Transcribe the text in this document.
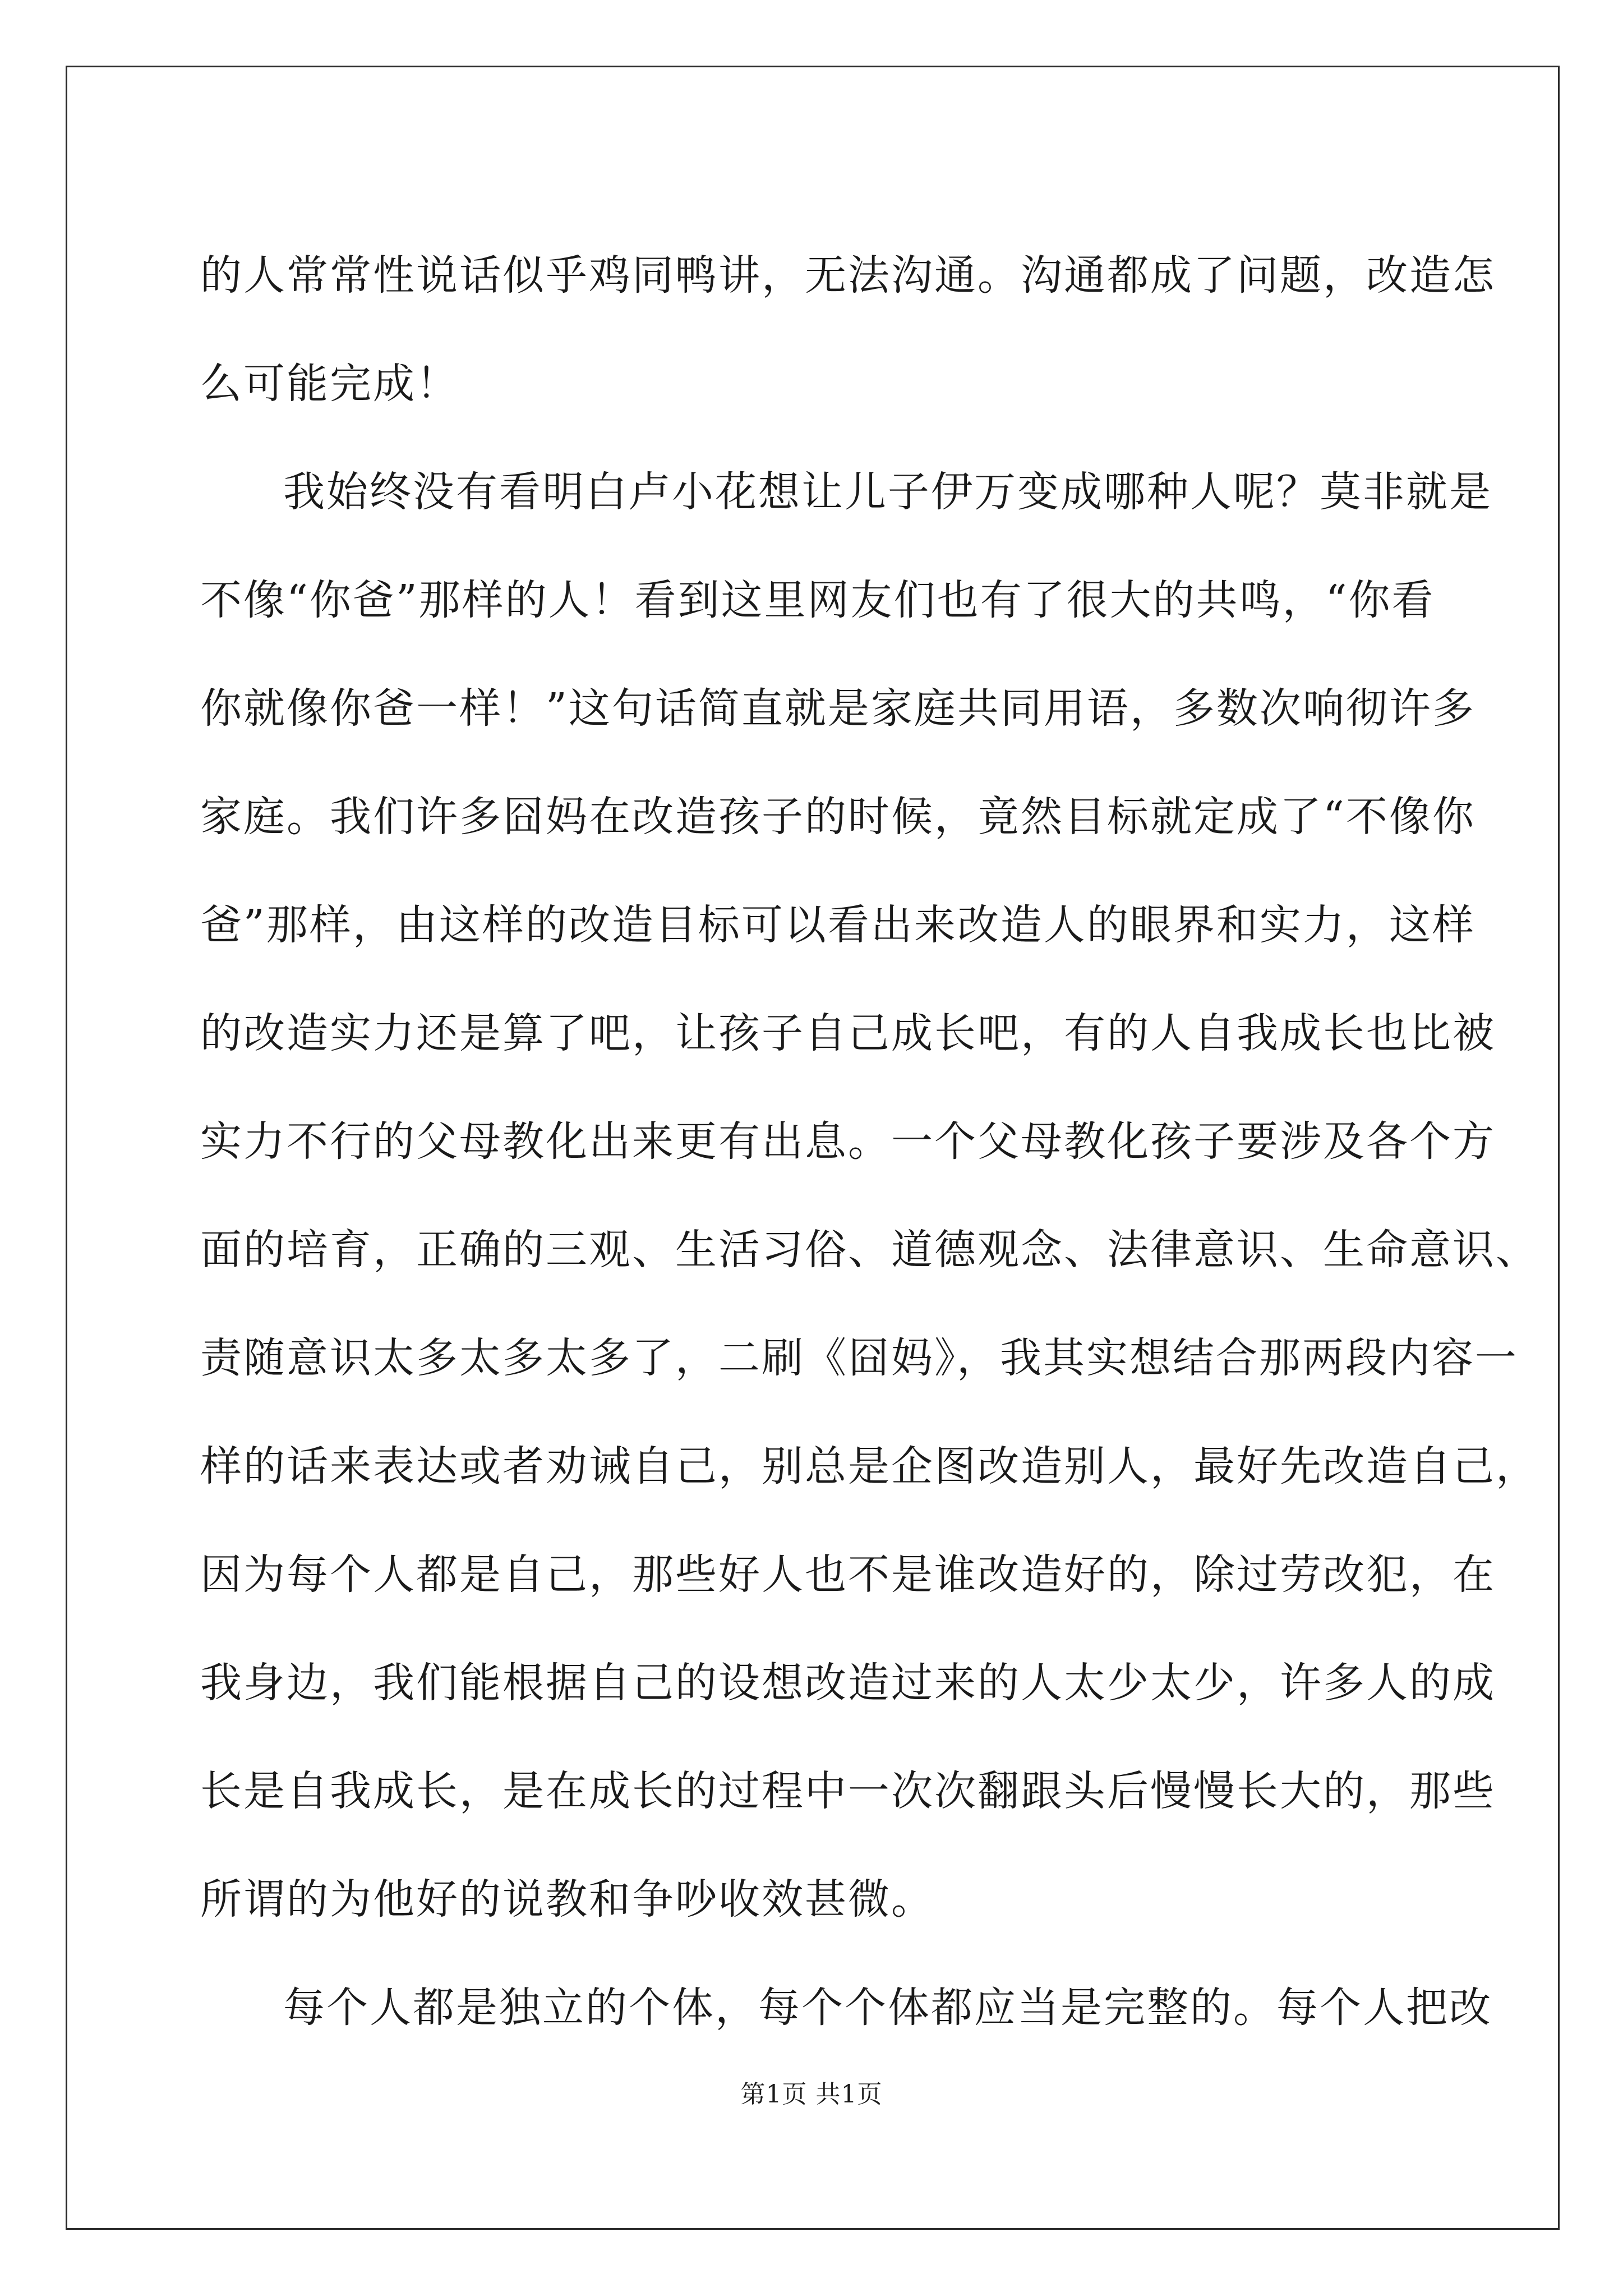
的人常常性说话似乎鸡同鸭讲，无法沟通。沟通都成了问题，改造怎
么可能完成！

我始终没有看明白卢小花想让儿子伊万变成哪种人呢？莫非就是
不像“你爸”那样的人！看到这里网友们也有了很大的共鸣，“你看
你就像你爸一样！”这句话简直就是家庭共同用语，多数次响彻许多
家庭。我们许多囧妈在改造孩子的时候，竟然目标就定成了“不像你
爸”那样，由这样的改造目标可以看出来改造人的眼界和实力，这样
的改造实力还是算了吧，让孩子自己成长吧，有的人自我成长也比被
实力不行的父母教化出来更有出息。一个父母教化孩子要涉及各个方
面的培育，正确的三观、生活习俗、道德观念、法律意识、生命意识、
责随意识太多太多太多了，二刷《囧妈》，我其实想结合那两段内容一
样的话来表达或者劝诫自己，别总是企图改造别人，最好先改造自己，
因为每个人都是自己，那些好人也不是谁改造好的，除过劳改犯，在
我身边，我们能根据自己的设想改造过来的人太少太少，许多人的成
长是自我成长，是在成长的过程中一次次翻跟头后慢慢长大的，那些
所谓的为他好的说教和争吵收效甚微。

每个人都是独立的个体，每个个体都应当是完整的。每个人把改

第1页 共1页
